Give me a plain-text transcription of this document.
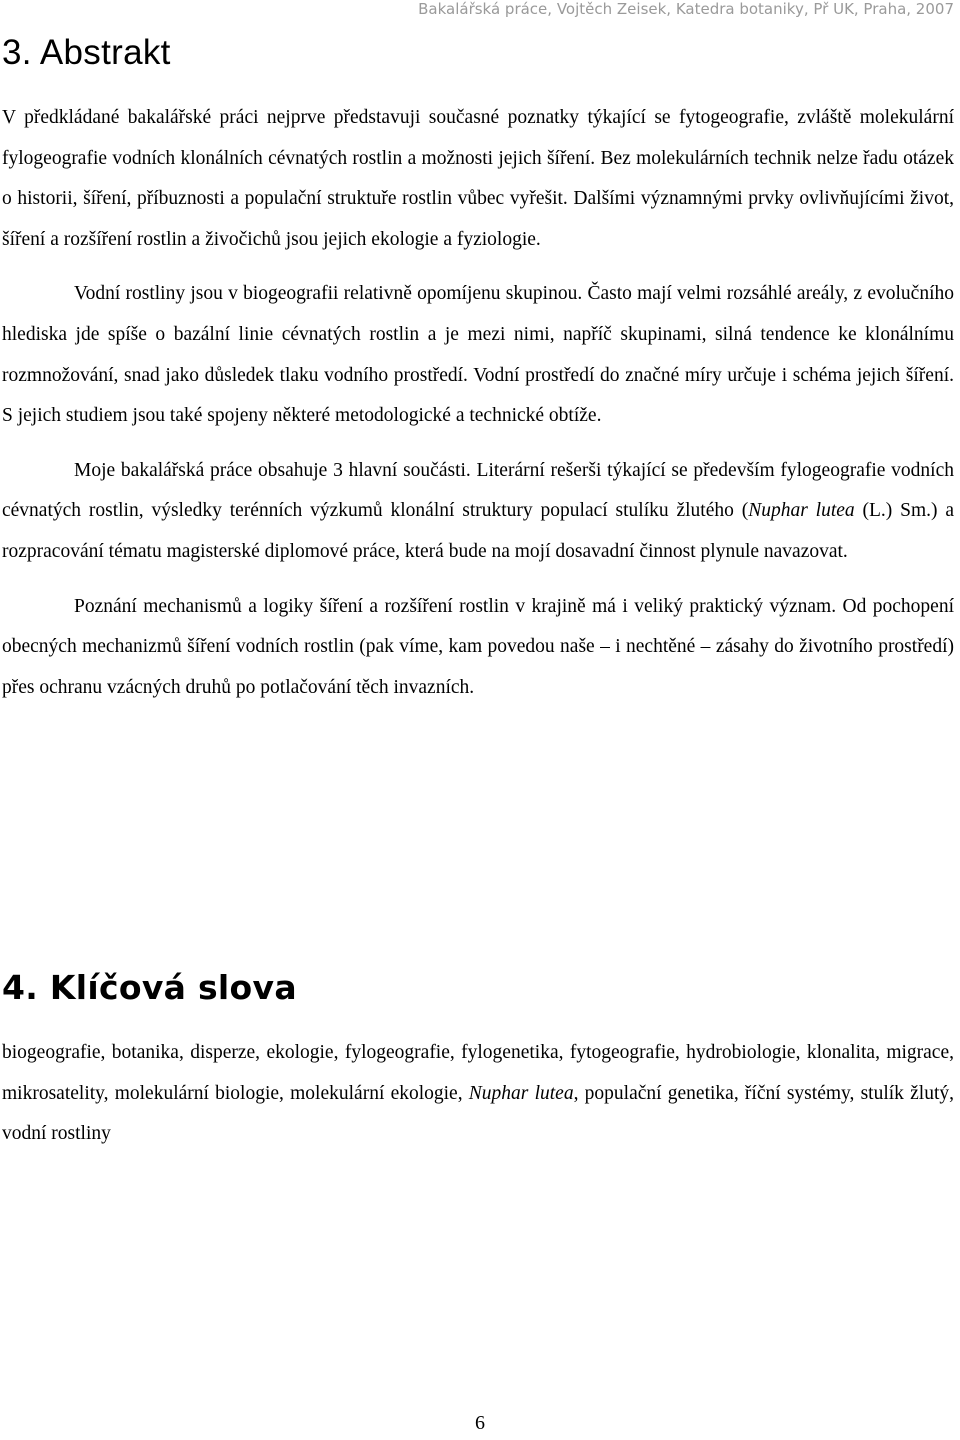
Bakalářská práce, Vojtěch Zeisek, Katedra botaniky, Př UK, Praha, 2007
3. Abstrakt

V předkládané bakalářské práci nejprve představuji současné poznatky týkající se fytogeografie, zvláště molekulární fylogeografie vodních klonálních cévnatých rostlin a možnosti jejich šíření. Bez molekulárních technik nelze řadu otázek o historii, šíření, příbuznosti a populační struktuře rostlin vůbec vyřešit. Dalšími významnými prvky ovlivňujícími život, šíření a rozšíření rostlin a živočichů jsou jejich ekologie a fyziologie.

Vodní rostliny jsou v biogeografii relativně opomíjenu skupinou. Často mají velmi rozsáhlé areály, z evolučního hlediska jde spíše o bazální linie cévnatých rostlin a je mezi nimi, napříč skupinami, silná tendence ke klonálnímu rozmnožování, snad jako důsledek tlaku vodního prostředí. Vodní prostředí do značné míry určuje i schéma jejich šíření. S jejich studiem jsou také spojeny některé metodologické a technické obtíže.

Moje bakalářská práce obsahuje 3 hlavní součásti. Literární rešerši týkající se především fylogeografie vodních cévnatých rostlin, výsledky terénních výzkumů klonální struktury populací stulíku žlutého (Nuphar lutea (L.) Sm.) a rozpracování tématu magisterské diplomové práce, která bude na mojí dosavadní činnost plynule navazovat.

Poznání mechanismů a logiky šíření a rozšíření rostlin v krajině má i veliký praktický význam. Od pochopení obecných mechanizmů šíření vodních rostlin (pak víme, kam povedou naše – i nechtěné – zásahy do životního prostředí) přes ochranu vzácných druhů po potlačování těch invazních.

4. Klíčová slova

biogeografie, botanika, disperze, ekologie, fylogeografie, fylogenetika, fytogeografie, hydrobiologie, klonalita, migrace, mikrosatelity, molekulární biologie, molekulární ekologie, Nuphar lutea, populační genetika, říční systémy, stulík žlutý, vodní rostliny

6
